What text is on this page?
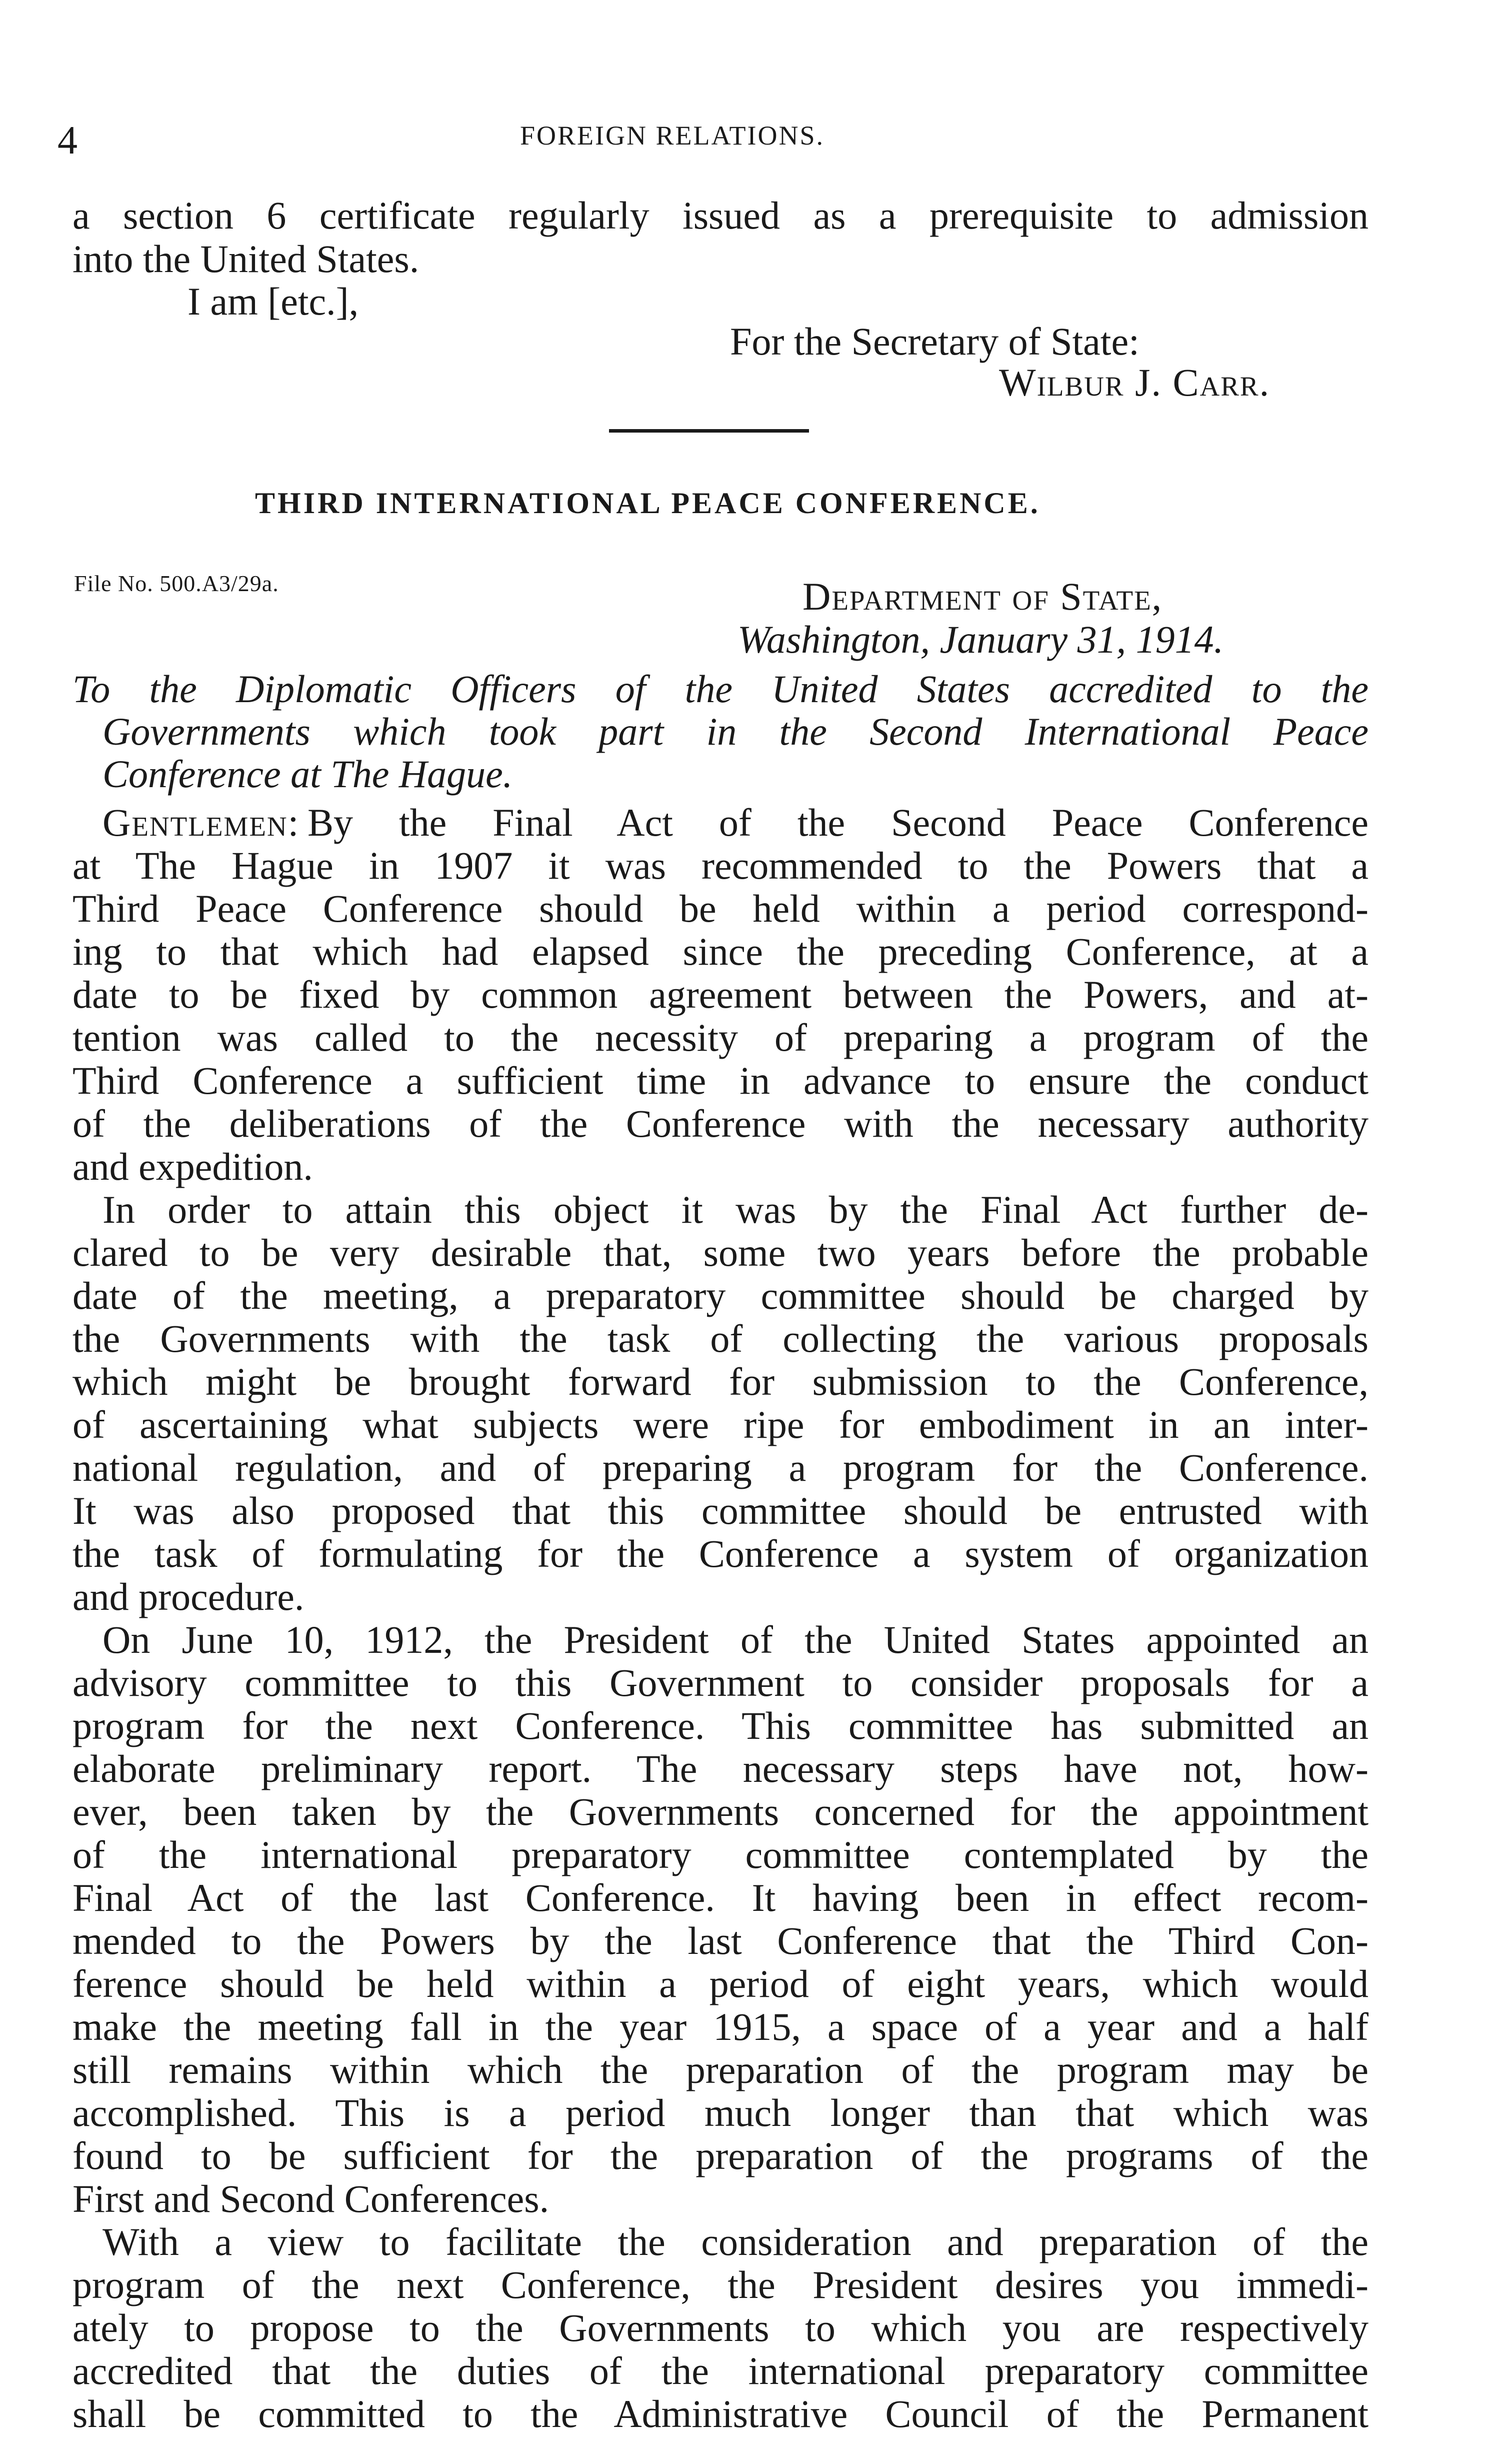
4	FOREIGN RELATIONS.
a section 6 certificate regularly issued as a prerequisite to admission
into the United States.
I am [etc.],
For the Secretary of State:
Wilbur J. Carr.
THIRD INTERNATIONAL PEACE CONFERENCE.
File No. 500.A3/29a.	Department of State,
Washington, January 31, 1914.
To the Diplomatic Officers of the United States accredited to the
Governments which took part in the Second International Peace
Conference at The Hague.
Gentlemen: By the Final Act of the Second Peace Conference
at The Hague in 1907 it was recommended to the Powers that a
Third Peace Conference should be held within a period correspond-
ing to that which had elapsed since the preceding Conference, at a
date to be fixed by common agreement between the Powers, and at-
tention was called to the necessity of preparing a program of the
Third Conference a sufficient time in advance to ensure the conduct
of the deliberations of the Conference with the necessary authority
and expedition.
In order to attain this object it was by the Final Act further de-
clared to be very desirable that, some two years before the probable
date of the meeting, a preparatory committee should be charged by
the Governments with the task of collecting the various proposals
which might be brought forward for submission to the Conference,
of ascertaining what subjects were ripe for embodiment in an inter-
national regulation, and of preparing a program for the Conference.
It was also proposed that this committee should be entrusted with
the task of formulating for the Conference a system of organization
and procedure.
On June 10, 1912, the President of the United States appointed an
advisory committee to this Government to consider proposals for a
program for the next Conference. This committee has submitted an
elaborate preliminary report. The necessary steps have not, how-
ever, been taken by the Governments concerned for the appointment
of the international preparatory committee contemplated by the
Final Act of the last Conference. It having been in effect recom-
mended to the Powers by the last Conference that the Third Con-
ference should be held within a period of eight years, which would
make the meeting fall in the year 1915, a space of a year and a half
still remains within which the preparation of the program may be
accomplished. This is a period much longer than that which was
found to be sufficient for the preparation of the programs of the
First and Second Conferences.
With a view to facilitate the consideration and preparation of the
program of the next Conference, the President desires you immedi-
ately to propose to the Governments to which you are respectively
accredited that the duties of the international preparatory committee
shall be committed to the Administrative Council of the Permanent
